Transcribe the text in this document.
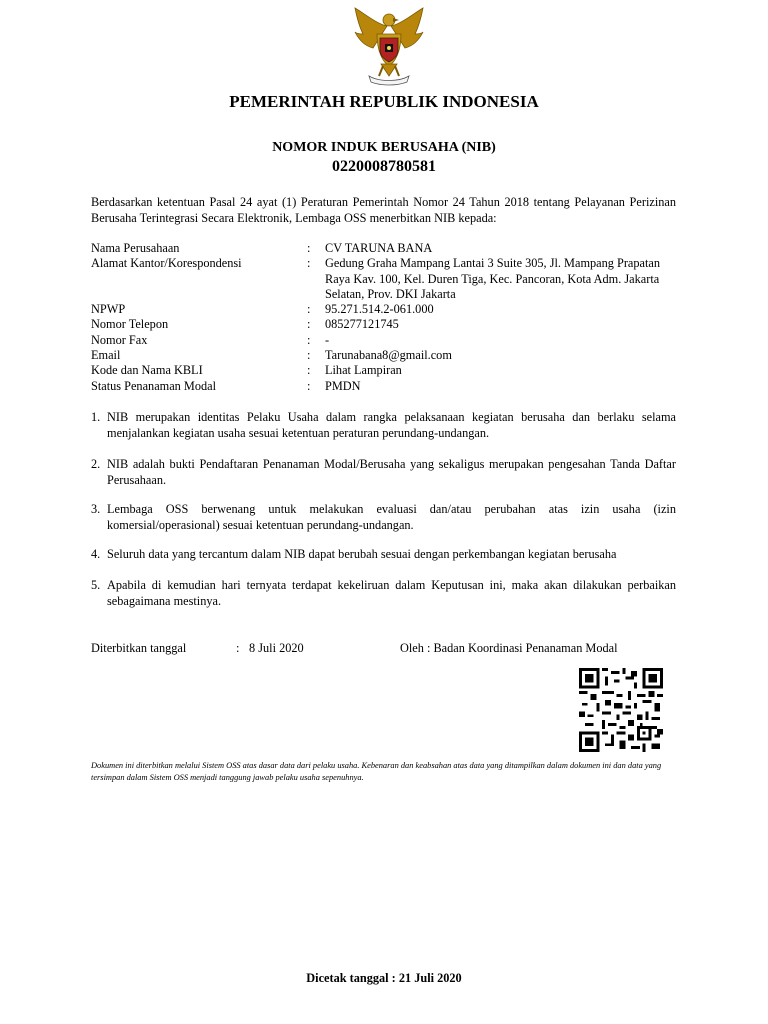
PEMERINTAH REPUBLIK INDONESIA
NOMOR INDUK BERUSAHA (NIB)
0220008780581
Berdasarkan ketentuan Pasal 24 ayat (1) Peraturan Pemerintah Nomor 24 Tahun 2018 tentang Pelayanan Perizinan Berusaha Terintegrasi Secara Elektronik, Lembaga OSS menerbitkan NIB kepada:
Nama Perusahaan	:	CV TARUNA BANA
Alamat Kantor/Korespondensi	:	Gedung Graha Mampang Lantai 3 Suite 305, Jl. Mampang Prapatan Raya Kav. 100, Kel. Duren Tiga, Kec. Pancoran, Kota Adm. Jakarta Selatan, Prov. DKI Jakarta
NPWP	:	95.271.514.2-061.000
Nomor Telepon	:	085277121745
Nomor Fax	:	-
Email	:	Tarunabana8@gmail.com
Kode dan Nama KBLI	:	Lihat Lampiran
Status Penanaman Modal	:	PMDN
1. NIB merupakan identitas Pelaku Usaha dalam rangka pelaksanaan kegiatan berusaha dan berlaku selama menjalankan kegiatan usaha sesuai ketentuan peraturan perundang-undangan.
2. NIB adalah bukti Pendaftaran Penanaman Modal/Berusaha yang sekaligus merupakan pengesahan Tanda Daftar Perusahaan.
3. Lembaga OSS berwenang untuk melakukan evaluasi dan/atau perubahan atas izin usaha (izin komersial/operasional) sesuai ketentuan perundang-undangan.
4. Seluruh data yang tercantum dalam NIB dapat berubah sesuai dengan perkembangan kegiatan berusaha
5. Apabila di kemudian hari ternyata terdapat kekeliruan dalam Keputusan ini, maka akan dilakukan perbaikan sebagaimana mestinya.
Diterbitkan tanggal	: 8 Juli 2020	Oleh : Badan Koordinasi Penanaman Modal
Dokumen ini diterbitkan melalui Sistem OSS atas dasar data dari pelaku usaha. Kebenaran dan keabsahan atas data yang ditampilkan dalam dokumen ini dan data yang tersimpan dalam Sistem OSS menjadi tanggung jawab pelaku usaha sepenuhnya.
Dicetak tanggal : 21 Juli 2020
